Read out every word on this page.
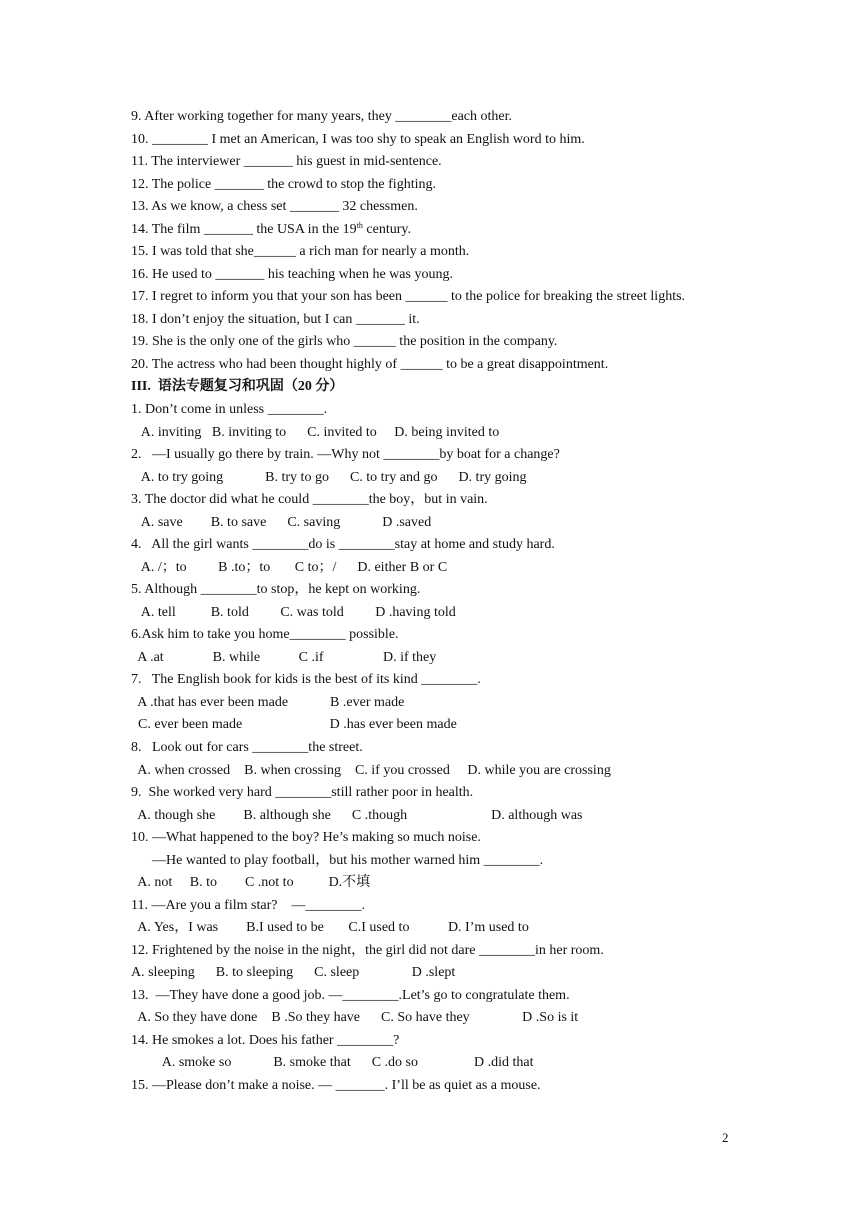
9. After working together for many years, they ________each other.
10. ________ I met an American, I was too shy to speak an English word to him.
11. The interviewer _______ his guest in mid-sentence.
12. The police _______ the crowd to stop the fighting.
13. As we know, a chess set _______ 32 chessmen.
14. The film _______ the USA in the 19th century.
15. I was told that she______ a rich man for nearly a month.
16. He used to _______ his teaching when he was young.
17. I regret to inform you that your son has been ______ to the police for breaking the street lights.
18. I don’t enjoy the situation, but I can _______ it.
19. She is the only one of the girls who ______ the position in the company.
20. The actress who had been thought highly of ______ to be a great disappointment.
III.  语法专题复习和巩固（20 分）
1. Don’t come in unless ________.
A. inviting   B. inviting to      C. invited to     D. being invited to
2.   —I usually go there by train. —Why not ________by boat for a change?
A. to try going            B. try to go      C. to try and go      D. try going
3. The doctor did what he could ________the boy，but in vain.
A. save        B. to save      C. saving            D .saved
4.   All the girl wants ________do is ________stay at home and study hard.
A. /；to         B .to；to       C to；/      D. either B or C
5. Although ________to stop，he kept on working.
A. tell          B. told         C. was told         D .having told
6.Ask him to take you home________ possible.
A .at              B. while           C .if                 D. if they
7.   The English book for kids is the best of its kind ________.
A .that has ever been made            B .ever made
C. ever been made                         D .has ever been made
8.   Look out for cars ________the street.
A. when crossed    B. when crossing    C. if you crossed     D. while you are crossing
9.  She worked very hard ________still rather poor in health.
A. though she        B. although she      C .though                        D. although was
10. —What happened to the boy? He’s making so much noise.
—He wanted to play football，but his mother warned him ________.
A. not     B. to        C .not to          D.不填
11. —Are you a film star?    —________.
A. Yes，I was        B.I used to be       C.I used to           D. I’m used to
12. Frightened by the noise in the night，the girl did not dare ________in her room.
A. sleeping      B. to sleeping      C. sleep               D .slept
13.  —They have done a good job. —________.Let’s go to congratulate them.
A. So they have done    B .So they have      C. So have they               D .So is it
14. He smokes a lot. Does his father ________?
A. smoke so            B. smoke that      C .do so                D .did that
15. —Please don’t make a noise. — _______. I’ll be as quiet as a mouse.
2
